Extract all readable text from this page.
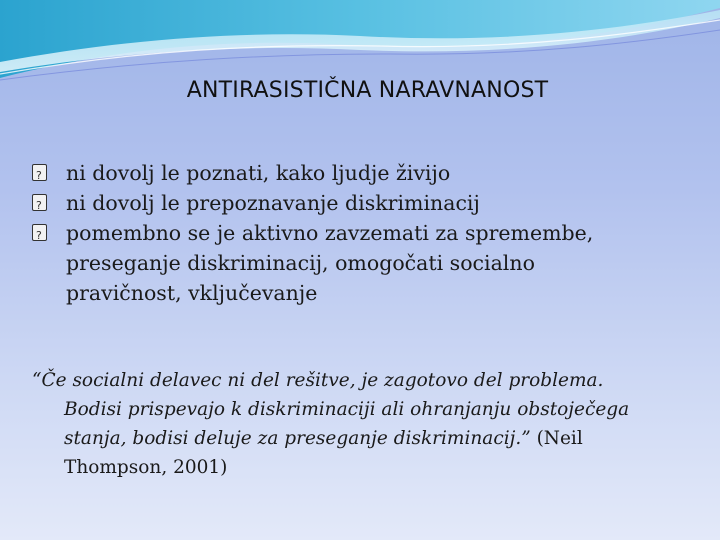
ANTIRASISTIČNA NARAVNANOST

?
ni dovolj le poznati, kako ljudje živijo

?
ni dovolj le prepoznavanje diskriminacij

?
pomembno se je aktivno zavzemati za spremembe,
preseganje diskriminacij, omogočati socialno
pravičnost, vključevanje

“Če socialni delavec ni del rešitve, je zagotovo del problema.
Bodisi prispevajo k diskriminaciji ali ohranjanju obstoječega
stanja, bodisi deluje za preseganje diskriminacij.” (Neil
Thompson, 2001)
